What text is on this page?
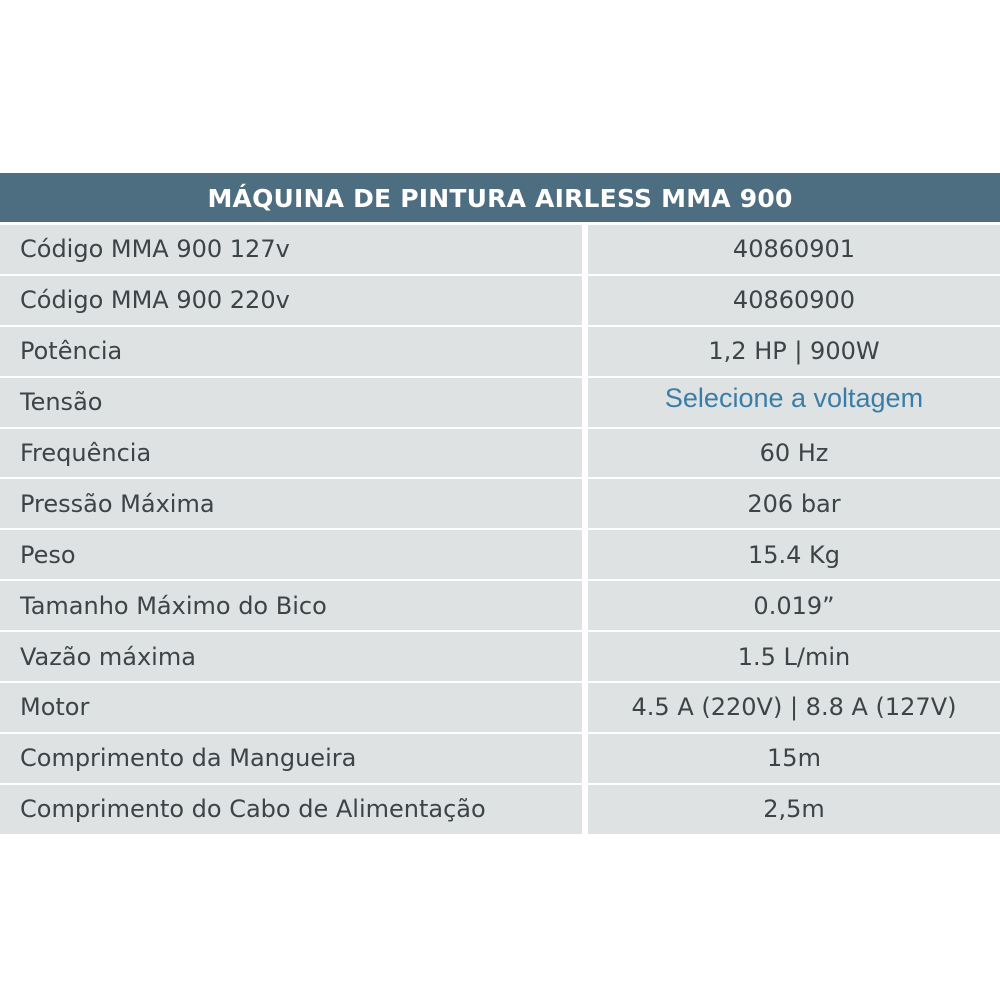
MÁQUINA DE PINTURA AIRLESS MMA 900
Código MMA 900 127v	40860901
Código MMA 900 220v	40860900
Potência	1,2 HP | 900W
Tensão	Selecione a voltagem
Frequência	60 Hz
Pressão Máxima	206 bar
Peso	15.4 Kg
Tamanho Máximo do Bico	0.019”
Vazão máxima	1.5 L/min
Motor	4.5 A (220V) | 8.8 A (127V)
Comprimento da Mangueira	15m
Comprimento do Cabo de Alimentação	2,5m
